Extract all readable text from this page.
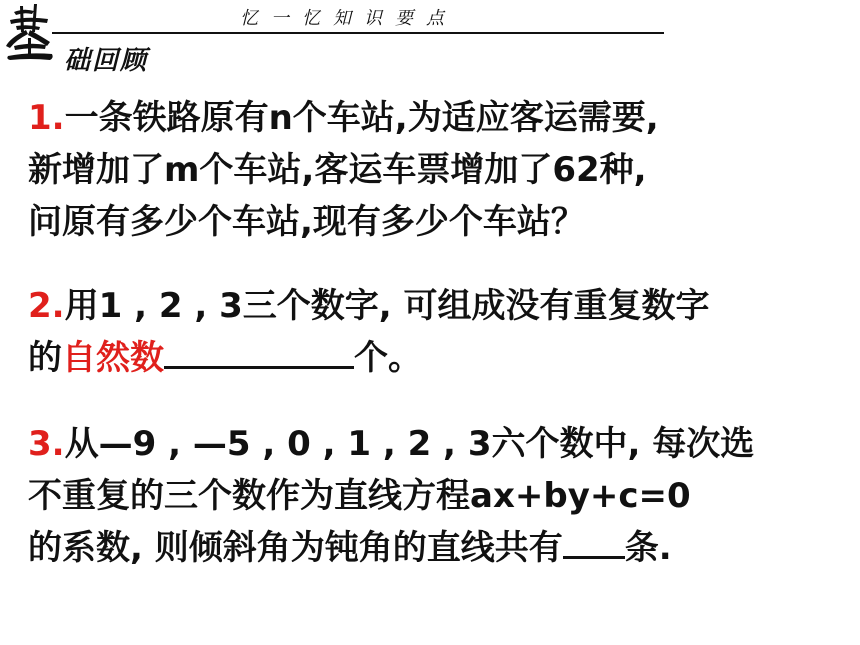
忆一忆知识要点
础回顾
1.一条铁路原有n个车站,为适应客运需要,
新增加了m个车站,客运车票增加了62种,
问原有多少个车站,现有多少个车站？
2.用1 , 2 , 3三个数字, 可组成没有重复数字
的自然数	个。
3.从—9 , —5 , 0 , 1 , 2 , 3六个数中, 每次选
不重复的三个数作为直线方程ax+by+c=0
的系数, 则倾斜角为钝角的直线共有 条.
